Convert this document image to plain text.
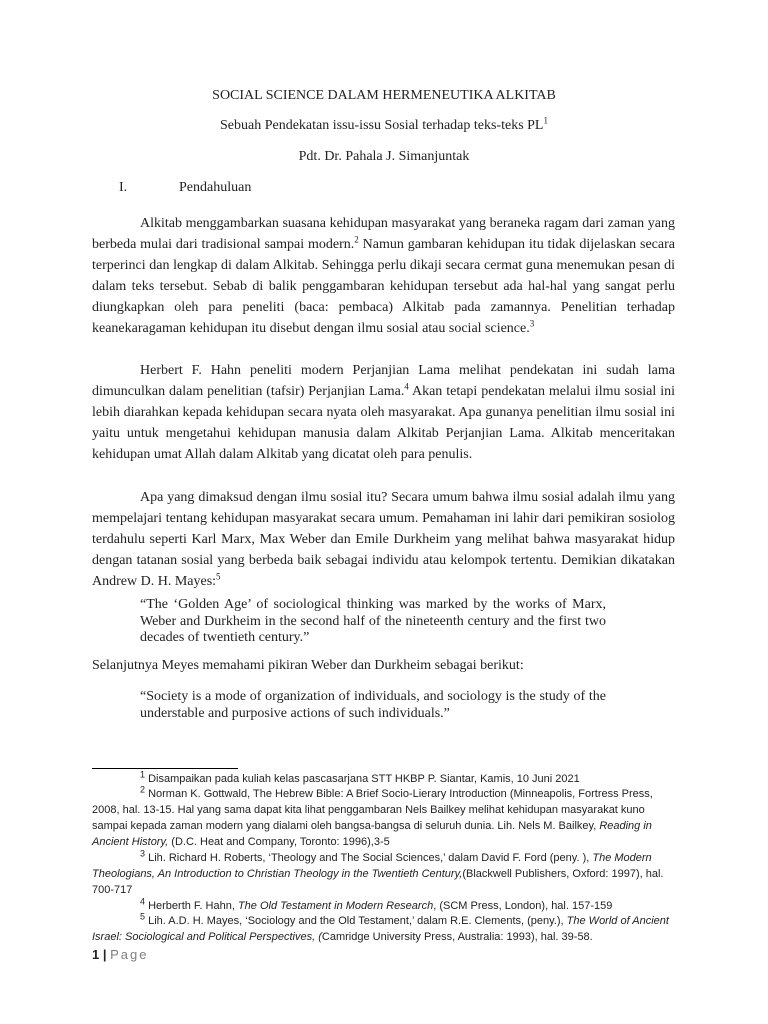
SOCIAL SCIENCE DALAM HERMENEUTIKA ALKITAB
Sebuah Pendekatan issu-issu Sosial terhadap teks-teks $PL^1$
Pdt. Dr. Pahala J. Simanjuntak
I.	Pendahuluan
Alkitab menggambarkan suasana kehidupan masyarakat yang beraneka ragam dari zaman yang berbeda mulai dari tradisional sampai modern.$^2$ Namun gambaran kehidupan itu tidak dijelaskan secara terperinci dan lengkap di dalam Alkitab. Sehingga perlu dikaji secara cermat guna menemukan pesan di dalam teks tersebut. Sebab di balik penggambaran kehidupan tersebut ada hal-hal yang sangat perlu diungkapkan oleh para peneliti (baca: pembaca) Alkitab pada zamannya. Penelitian terhadap keanekaragaman kehidupan itu disebut dengan ilmu sosial atau social science.$^3$
Herbert F. Hahn peneliti modern Perjanjian Lama melihat pendekatan ini sudah lama dimunculkan dalam penelitian (tafsir) Perjanjian Lama.$^4$ Akan tetapi pendekatan melalui ilmu sosial ini lebih diarahkan kepada kehidupan secara nyata oleh masyarakat. Apa gunanya penelitian ilmu sosial ini yaitu untuk mengetahui kehidupan manusia dalam Alkitab Perjanjian Lama. Alkitab menceritakan kehidupan umat Allah dalam Alkitab yang dicatat oleh para penulis.
Apa yang dimaksud dengan ilmu sosial itu? Secara umum bahwa ilmu sosial adalah ilmu yang mempelajari tentang kehidupan masyarakat secara umum. Pemahaman ini lahir dari pemikiran sosiolog terdahulu seperti Karl Marx, Max Weber dan Emile Durkheim yang melihat bahwa masyarakat hidup dengan tatanan sosial yang berbeda baik sebagai individu atau kelompok tertentu. Demikian dikatakan Andrew D. H. Mayes:$^5$
“The ‘Golden Age’ of sociological thinking was marked by the works of Marx, Weber and Durkheim in the second half of the nineteenth century and the first two decades of twentieth century.”
Selanjutnya Meyes memahami pikiran Weber dan Durkheim sebagai berikut:
“Society is a mode of organization of individuals, and sociology is the study of the understable and purposive actions of such individuals.”
$^1$ Disampaikan pada kuliah kelas pascasarjana STT HKBP P. Siantar, Kamis, 10 Juni 2021
$^2$ Norman K. Gottwald, The Hebrew Bible: A Brief Socio-Lierary Introduction (Minneapolis, Fortress Press, 2008, hal. 13-15. Hal yang sama dapat kita lihat penggambaran Nels Bailkey melihat kehidupan masyarakat kuno sampai kepada zaman modern yang dialami oleh bangsa-bangsa di seluruh dunia. Lih. Nels M. Bailkey, Reading in Ancient History, (D.C. Heat and Company, Toronto: 1996),3-5
$^3$ Lih. Richard H. Roberts, ‘Theology and The Social Sciences,’ dalam David F. Ford (peny. ), The Modern Theologians, An Introduction to Christian Theology in the Twentieth Century,(Blackwell Publishers, Oxford: 1997), hal. 700-717
$^4$ Herberth F. Hahn, The Old Testament in Modern Research, (SCM Press, London), hal. 157-159
$^5$ Lih. A.D. H. Mayes, ‘Sociology and the Old Testament,’ dalam R.E. Clements, (peny.), The World of Ancient Israel: Sociological and Political Perspectives, (Camridge University Press, Australia: 1993), hal. 39-58.
1 | Page
